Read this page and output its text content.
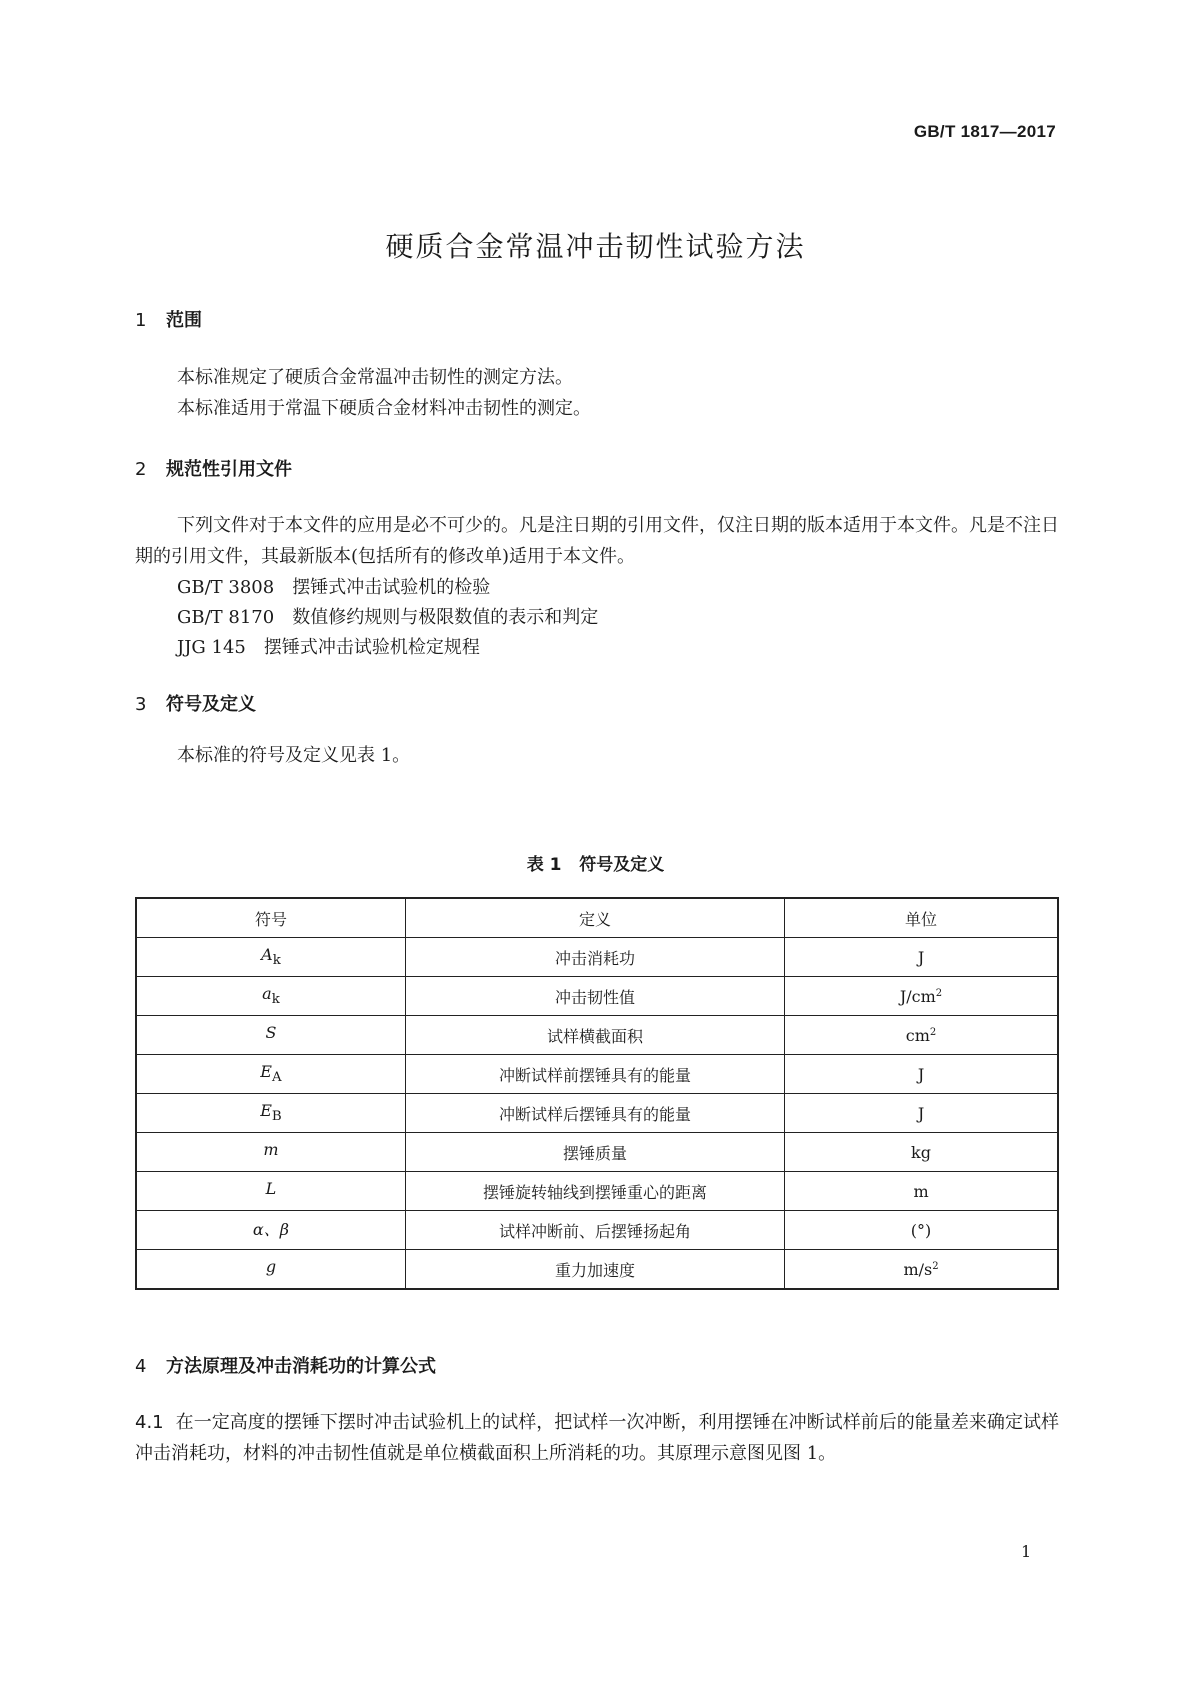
GB/T 1817—2017
硬质合金常温冲击韧性试验方法
1 范围
本标准规定了硬质合金常温冲击韧性的测定方法。
本标准适用于常温下硬质合金材料冲击韧性的测定。
2 规范性引用文件
下列文件对于本文件的应用是必不可少的。凡是注日期的引用文件，仅注日期的版本适用于本文件。凡是不注日期的引用文件，其最新版本(包括所有的修改单)适用于本文件。
GB/T 3808 摆锤式冲击试验机的检验
GB/T 8170 数值修约规则与极限数值的表示和判定
JJG 145 摆锤式冲击试验机检定规程
3 符号及定义
本标准的符号及定义见表 1。
表 1   符号及定义
符号	定义	单位
$A_k$	冲击消耗功	J
$a_k$	冲击韧性值	$J/cm^2$
S	试样横截面积	$cm^2$
$E_A$	冲断试样前摆锤具有的能量	J
$E_B$	冲断试样后摆锤具有的能量	J
m	摆锤质量	kg
L	摆锤旋转轴线到摆锤重心的距离	m
α、β	试样冲断前、后摆锤扬起角	(°)
g	重力加速度	$m/s^2$
4 方法原理及冲击消耗功的计算公式
4.1 在一定高度的摆锤下摆时冲击试验机上的试样，把试样一次冲断，利用摆锤在冲断试样前后的能量差来确定试样冲击消耗功，材料的冲击韧性值就是单位横截面积上所消耗的功。其原理示意图见图 1。
1
